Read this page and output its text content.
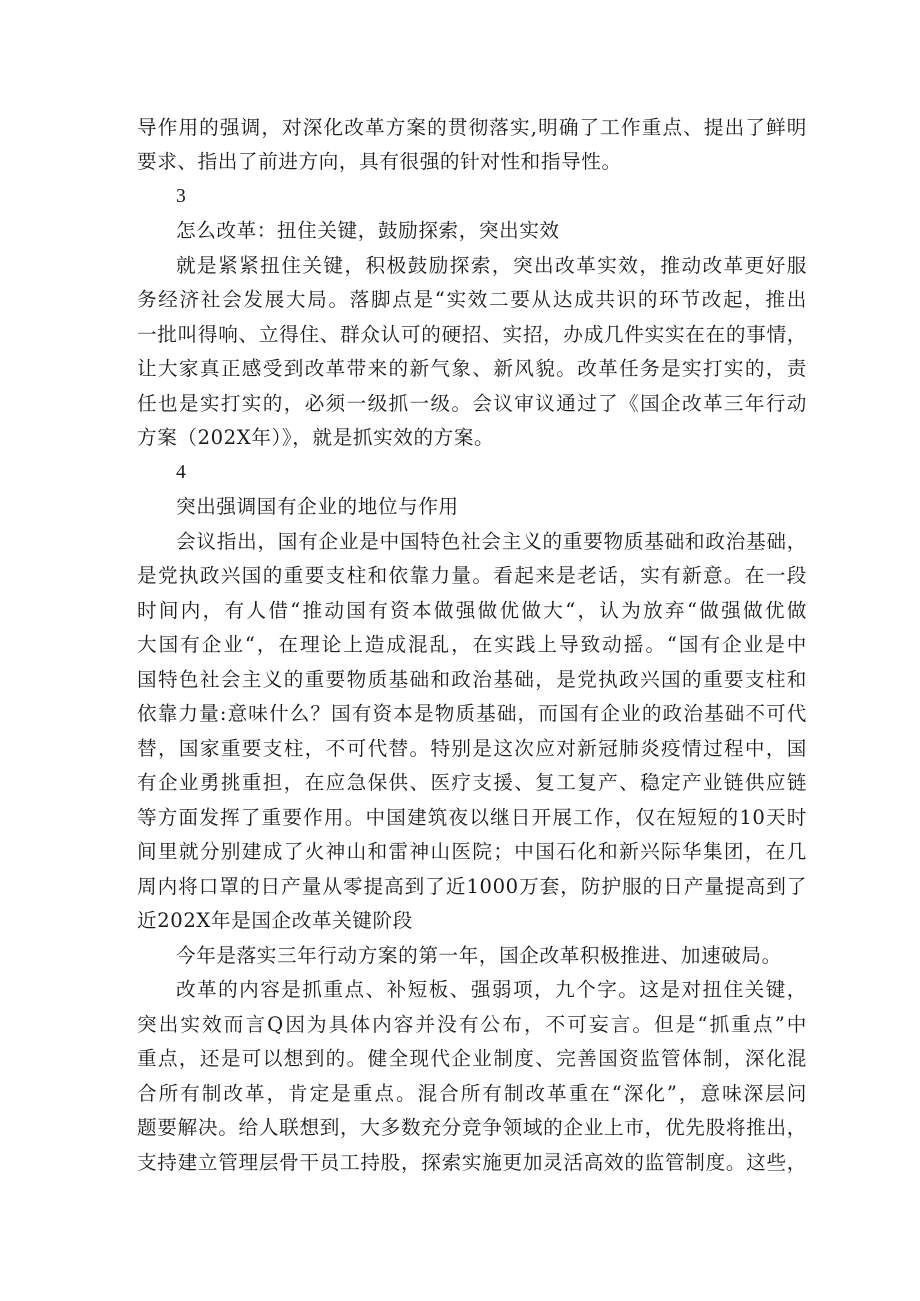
导作用的强调，对深化改革方案的贯彻落实,明确了工作重点、提出了鲜明
要求、指出了前进方向，具有很强的针对性和指导性。
3
怎么改革：扭住关键，鼓励探索，突出实效
就是紧紧扭住关键，积极鼓励探索，突出改革实效，推动改革更好服
务经济社会发展大局。落脚点是“实效二要从达成共识的环节改起，推出
一批叫得响、立得住、群众认可的硬招、实招，办成几件实实在在的事情，
让大家真正感受到改革带来的新气象、新风貌。改革任务是实打实的，责
任也是实打实的，必须一级抓一级。会议审议通过了《国企改革三年行动
方案（202X年）》，就是抓实效的方案。
4
突出强调国有企业的地位与作用
会议指出，国有企业是中国特色社会主义的重要物质基础和政治基础，
是党执政兴国的重要支柱和依靠力量。看起来是老话，实有新意。在一段
时间内，有人借“推动国有资本做强做优做大“，认为放弃“做强做优做
大国有企业“，在理论上造成混乱，在实践上导致动摇。“国有企业是中
国特色社会主义的重要物质基础和政治基础，是党执政兴国的重要支柱和
依靠力量:意味什么？国有资本是物质基础，而国有企业的政治基础不可代
替，国家重要支柱，不可代替。特别是这次应对新冠肺炎疫情过程中，国
有企业勇挑重担，在应急保供、医疗支援、复工复产、稳定产业链供应链
等方面发挥了重要作用。中国建筑夜以继日开展工作，仅在短短的10天时
间里就分别建成了火神山和雷神山医院；中国石化和新兴际华集团，在几
周内将口罩的日产量从零提高到了近1000万套，防护服的日产量提高到了
近202X年是国企改革关键阶段
今年是落实三年行动方案的第一年，国企改革积极推进、加速破局。
改革的内容是抓重点、补短板、强弱项，九个字。这是对扭住关键，
突出实效而言Q因为具体内容并没有公布，不可妄言。但是“抓重点”中
重点，还是可以想到的。健全现代企业制度、完善国资监管体制，深化混
合所有制改革，肯定是重点。混合所有制改革重在“深化”，意味深层问
题要解决。给人联想到，大多数充分竞争领域的企业上市，优先股将推出，
支持建立管理层骨干员工持股，探索实施更加灵活高效的监管制度。这些，
